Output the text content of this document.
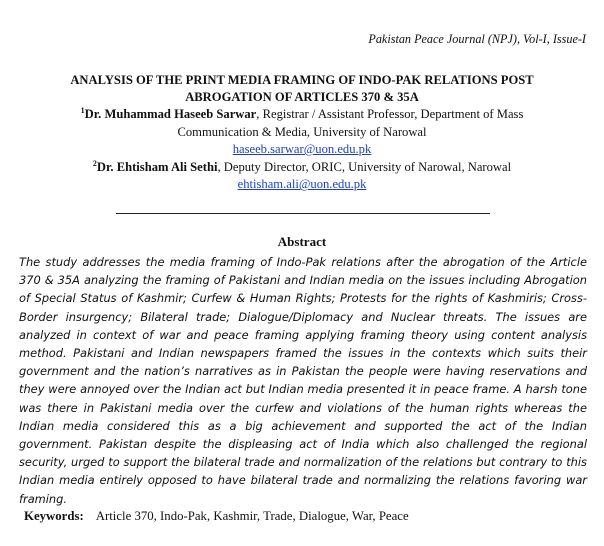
Pakistan Peace Journal (NPJ), Vol-I, Issue-I
ANALYSIS OF THE PRINT MEDIA FRAMING OF INDO-PAK RELATIONS POST
ABROGATION OF ARTICLES 370 & 35A
$^1$Dr. Muhammad Haseeb Sarwar, Registrar / Assistant Professor, Department of Mass
Communication & Media, University of Narowal
haseeb.sarwar@uon.edu.pk
$^2$Dr. Ehtisham Ali Sethi, Deputy Director, ORIC, University of Narowal, Narowal
ehtisham.ali@uon.edu.pk
Abstract
The study addresses the media framing of Indo-Pak relations after the abrogation of the Article 370 & 35A analyzing the framing of Pakistani and Indian media on the issues including Abrogation of Special Status of Kashmir; Curfew & Human Rights; Protests for the rights of Kashmiris; Cross-Border insurgency; Bilateral trade; Dialogue/Diplomacy and Nuclear threats. The issues are analyzed in context of war and peace framing applying framing theory using content analysis method. Pakistani and Indian newspapers framed the issues in the contexts which suits their government and the nation’s narratives as in Pakistan the people were having reservations and they were annoyed over the Indian act but Indian media presented it in peace frame. A harsh tone was there in Pakistani media over the curfew and violations of the human rights whereas the Indian media considered this as a big achievement and supported the act of the Indian government. Pakistan despite the displeasing act of India which also challenged the regional security, urged to support the bilateral trade and normalization of the relations but contrary to this Indian media entirely opposed to have bilateral trade and normalizing the relations favoring war framing.
Keywords: Article 370, Indo-Pak, Kashmir, Trade, Dialogue, War, Peace
